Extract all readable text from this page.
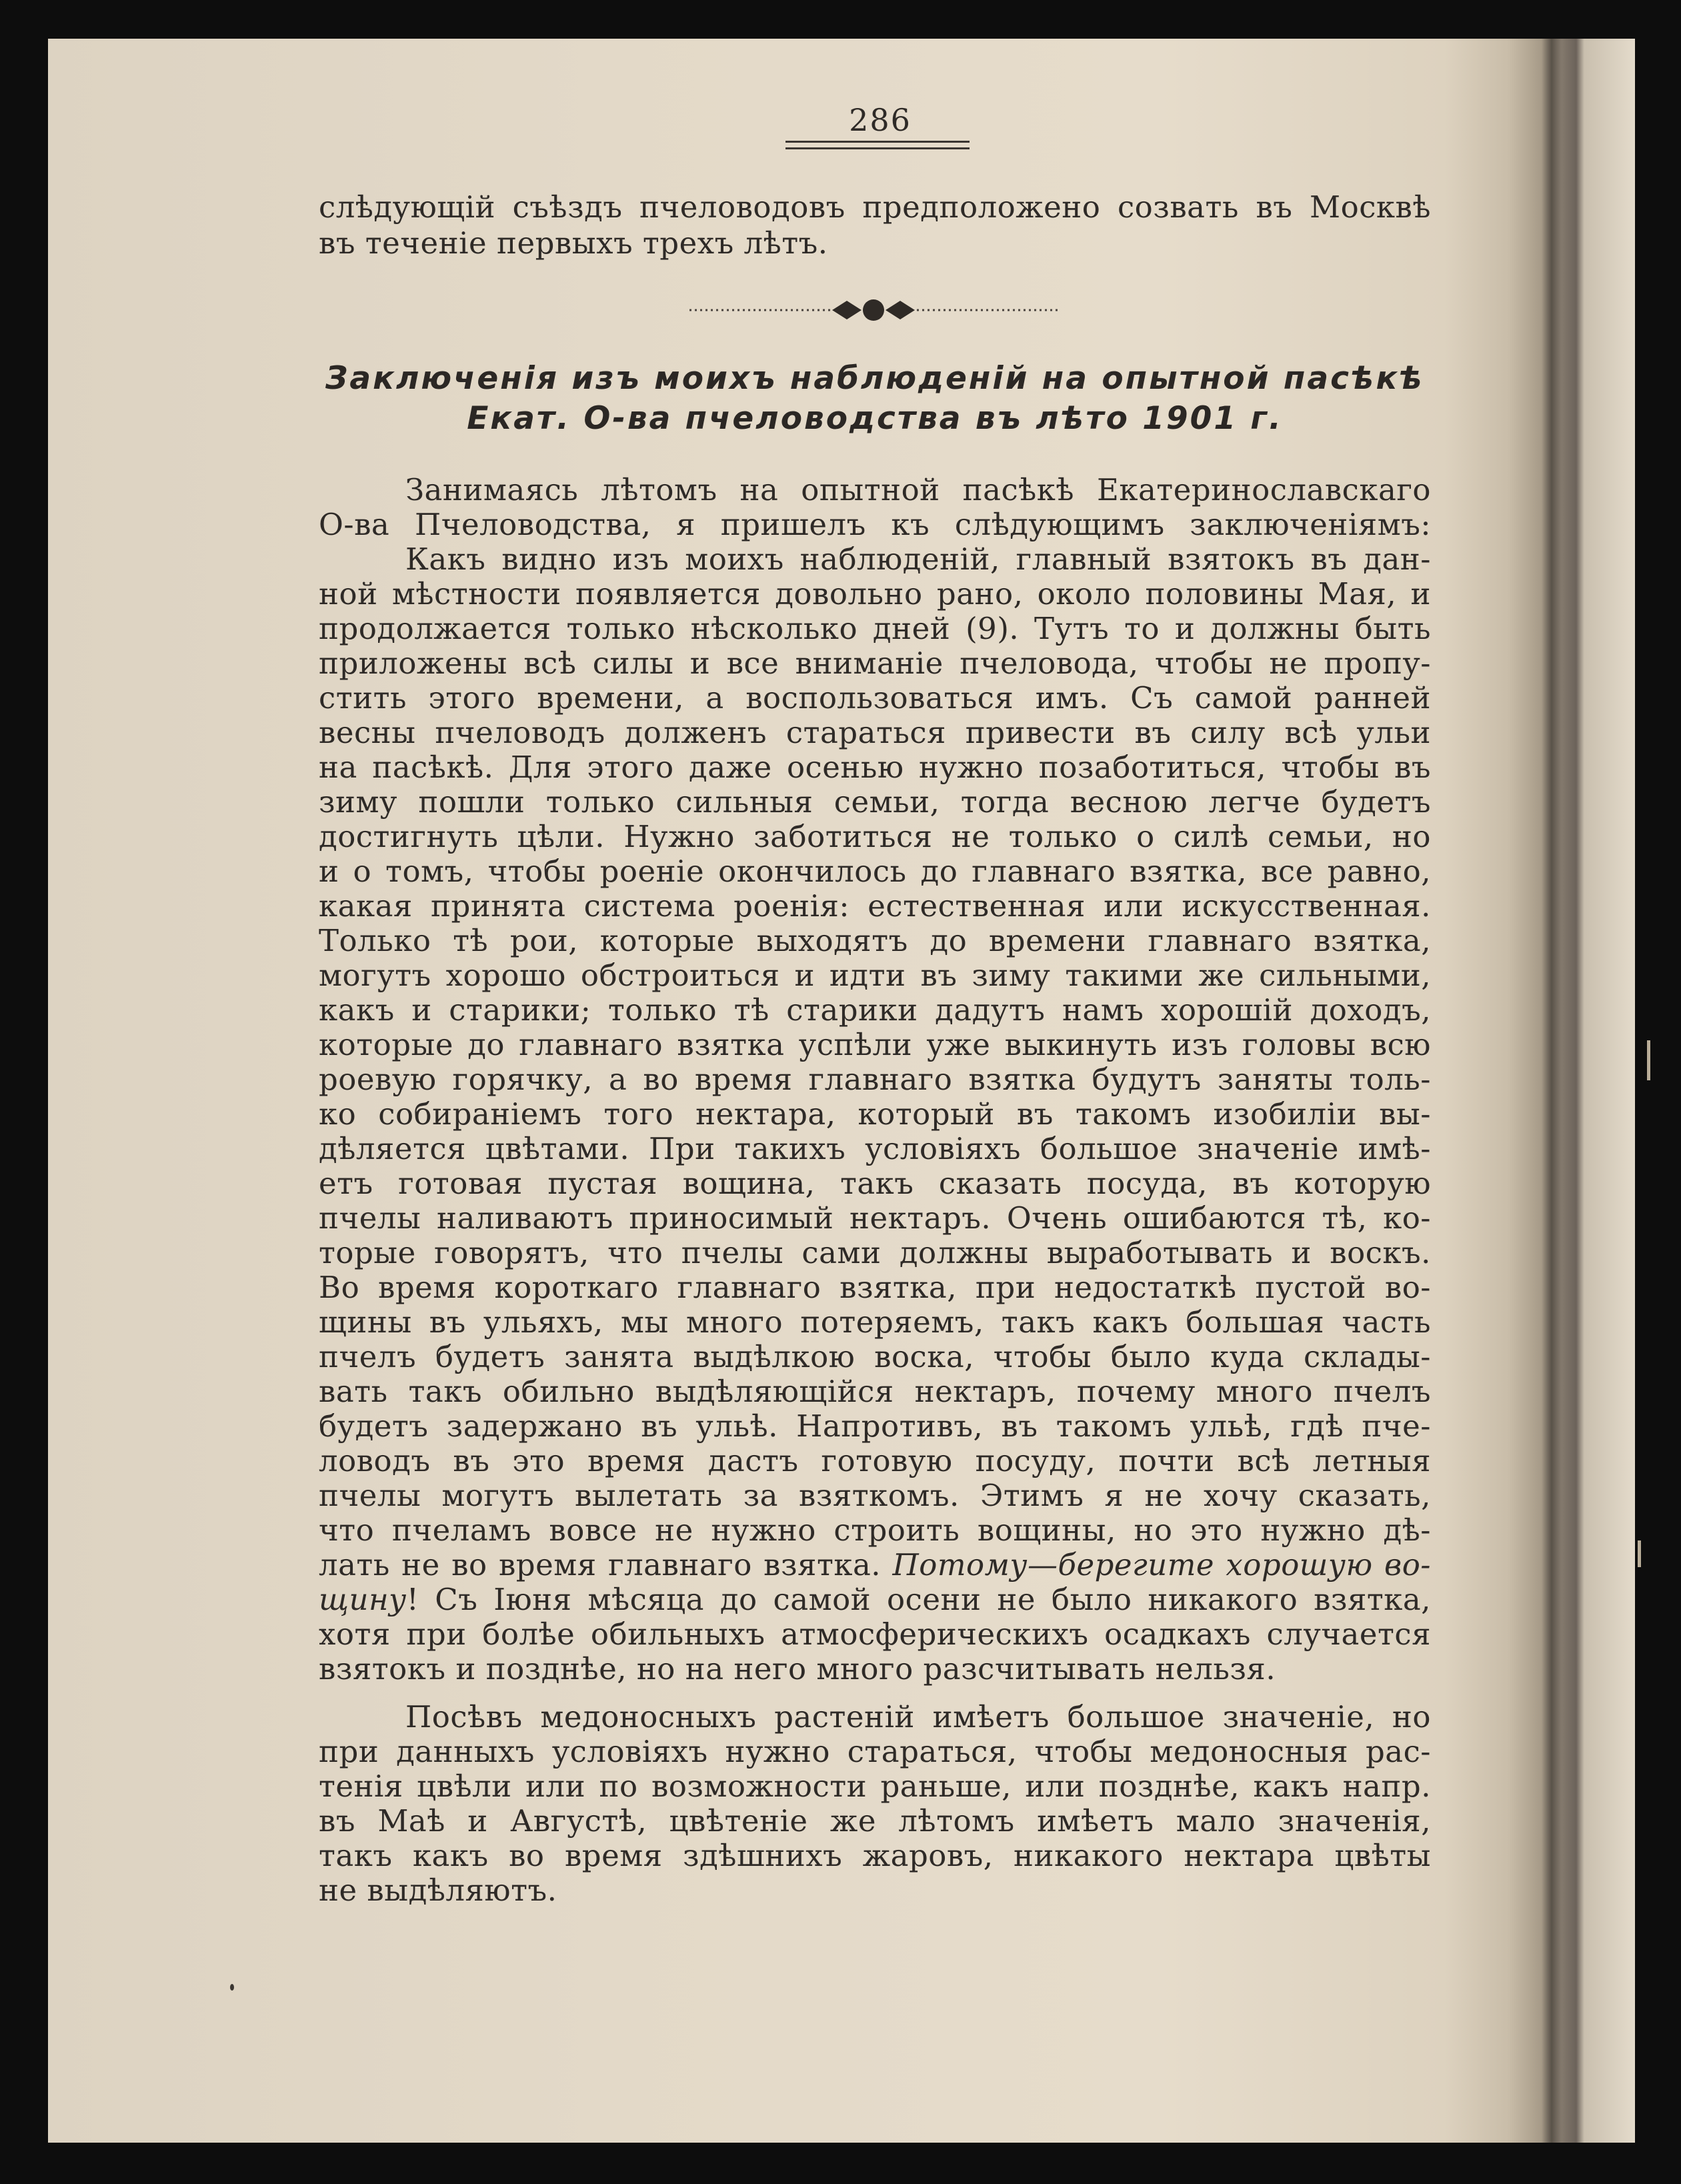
286
слѣдующій съѣздъ пчеловодовъ предположено созвать въ Москвѣ
въ теченіе первыхъ трехъ лѣтъ.
Заключенія изъ моихъ наблюденій на опытной пасѣкѣ
Екат. О-ва пчеловодства въ лѣто 1901 г.
Занимаясь лѣтомъ на опытной пасѣкѣ Екатеринославскаго
О-ва Пчеловодства, я пришелъ къ слѣдующимъ заключеніямъ:
Какъ видно изъ моихъ наблюденій, главный взятокъ въ дан-
ной мѣстности появляется довольно рано, около половины Мая, и
продолжается только нѣсколько дней (9). Тутъ то и должны быть
приложены всѣ силы и все вниманіе пчеловода, чтобы не пропу-
стить этого времени, а воспользоваться имъ. Съ самой ранней
весны пчеловодъ долженъ стараться привести въ силу всѣ ульи
на пасѣкѣ. Для этого даже осенью нужно позаботиться, чтобы въ
зиму пошли только сильныя семьи, тогда весною легче будетъ
достигнуть цѣли. Нужно заботиться не только о силѣ семьи, но
и о томъ, чтобы роеніе окончилось до главнаго взятка, все равно,
какая принята система роенія: естественная или искусственная.
Только тѣ рои, которые выходятъ до времени главнаго взятка,
могутъ хорошо обстроиться и идти въ зиму такими же сильными,
какъ и старики; только тѣ старики дадутъ намъ хорошій доходъ,
которые до главнаго взятка успѣли уже выкинуть изъ головы всю
роевую горячку, а во время главнаго взятка будутъ заняты толь-
ко собираніемъ того нектара, который въ такомъ изобиліи вы-
дѣляется цвѣтами. При такихъ условіяхъ большое значеніе имѣ-
етъ готовая пустая вощина, такъ сказать посуда, въ которую
пчелы наливаютъ приносимый нектаръ. Очень ошибаются тѣ, ко-
торые говорятъ, что пчелы сами должны выработывать и воскъ.
Во время короткаго главнаго взятка, при недостаткѣ пустой во-
щины въ ульяхъ, мы много потеряемъ, такъ какъ большая часть
пчелъ будетъ занята выдѣлкою воска, чтобы было куда склады-
вать такъ обильно выдѣляющійся нектаръ, почему много пчелъ
будетъ задержано въ ульѣ. Напротивъ, въ такомъ ульѣ, гдѣ пче-
ловодъ въ это время дастъ готовую посуду, почти всѣ летныя
пчелы могутъ вылетать за взяткомъ. Этимъ я не хочу сказать,
что пчеламъ вовсе не нужно строить вощины, но это нужно дѣ-
лать не во время главнаго взятка. Потому—берегите хорошую во-
щину! Съ Іюня мѣсяца до самой осени не было никакого взятка,
хотя при болѣе обильныхъ атмосферическихъ осадкахъ случается
взятокъ и позднѣе, но на него много разсчитывать нельзя.
Посѣвъ медоносныхъ растеній имѣетъ большое значеніе, но
при данныхъ условіяхъ нужно стараться, чтобы медоносныя рас-
тенія цвѣли или по возможности раньше, или позднѣе, какъ напр.
въ Маѣ и Августѣ, цвѣтеніе же лѣтомъ имѣетъ мало значенія,
такъ какъ во время здѣшнихъ жаровъ, никакого нектара цвѣты
не выдѣляютъ.
